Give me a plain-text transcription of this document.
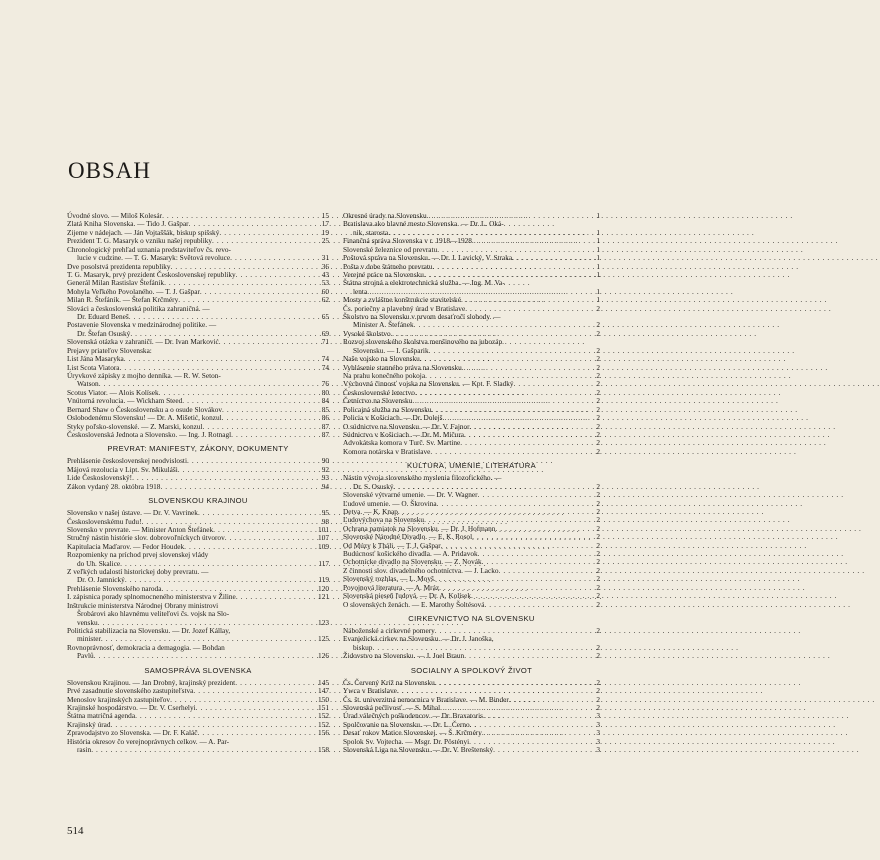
OBSAH
Úvodné slovo. — Miloš Kolesár . . .	15
Zlatá Kniha Slovenska. — Tido J. Gašpar . . .	17
Zijeme v nádejach. — Ján Vojtaššák, biskup spišský . . .	19
Prezident T. G. Masaryk o vzniku našej republiky . . .	25
Chronologický prehľad uznania predstaviteľov čs. revo-
lucie v cudzine. — T. G. Masaryk: Světová revoluce . . .	31
Dve posolstvá prezidenta republiky . . .	36
T. G. Masaryk, prvý prezident Československej republiky . . .	43
Generál Milan Rastislav Štefánik . . .	53
Mohyla Veľkého Povolaného. — T. J. Gašpar . . .	60
Milan R. Štefánik. — Štefan Krčméry . . .	62
Slováci a československá politika zahraničná. —
Dr. Eduard Beneš . . .	65
Postavenie Slovenska v medzinárodnej politike. —
Dr. Štefan Osuský . . .	69
Slovenská otázka v zahraničí. — Dr. Ivan Marković . . .	71
Prejavy priateľov Slovenska:
List Jána Masaryka . . .	74
List Scota Viatora . . .	74
Úryvkové zápisky z mojho denníka. — R. W. Seton-
Watson . . .	76
Scotus Viator. — Alois Kolísek . . .	80
Vnútorná revolucia. — Wickham Steed . . .	84
Bernard Shaw o Československu a o osude Slovákov . . .	85
Oslobodenému Slovensku! — Dr. A. Mišetić, konzul . . .	86
Styky poľsko-slovenské. — Z. Marski, konzul . . .	87
Československá Jednota a Slovensko. — Ing. J. Rotnagl . . .	87
PREVRAT: MANIFESTY, ZÁKONY, DOKUMENTY
Prehlásenie československej neodvislosti . . .	90
Májová rezolucia v Lipt. Sv. Mikuláši . . .	92
Lide Československý! . . .	93
Zákon vydaný 28. októbra 1918 . . .	94
SLOVENSKOU KRAJINOU
Slovensko v našej ústave. — Dr. V. Vavrinek . . .	95
Československému ľudu! . . .	98
Slovensko v prevrate. — Minister Anton Štefánek . . .	101
Stručný nástin histórie slov. dobrovoľníckych útvorov . . .	107
Kapitulacia Maďarov. — Fedor Houdek . . .	109
Rozpomienky na príchod prvej slovenskej vlády
do Uh. Skalice . . .	117
Z veľkých udalostí historickej doby prevratu. —
Dr. O. Jamnický . . .	119
Prehlásenie Slovenského naroda . . .	120
I. zápisnica porady splnomocneného ministerstva v Žiline . . .	121
Inštrukcie ministerstva Národnej Obrany ministrovi
Šrobárovi ako hlavnému veliteľovi čs. vojsk na Slo-
vensku . . .	123
Politická stabilizacia na Slovensku. — Dr. Jozef Kállay,
minister . . .	125
Rovnoprávnosť, demokracia a demagogia. — Bohdan
Pavlů . . .	126
SAMOSPRÁVA SLOVENSKA
Slovenskou Krajinou. — Jan Drobný, krajinský prezident . . .	145
Prvé zasadnutie slovenského zastupiteľstva . . .	147
Menoslov krajinských zastupiteľov . . .	150
Krajinské hospodárstvo. — Dr. V. Cserhelyi . . .	151
Štátna matričná agenda . . .	152
Krajinský úrad . . .	152
Zpravodajstvo zo Slovenska. — Dr. F. Kaláč . . .	156
História okresov čo verejnoprávnych celkov. — A. Par-
rasin . . .	158
Okresné úrady na Slovensku . . .	1
Bratislava ako hlavné mesto Slovenska. — Dr. L. Oká-
nik, starosta . . .	1
Finančná správa Slovenska v r. 1918—1928 . . .	1
Slovenské železnice od prevratu . . .	1
Poštová správa na Slovensku. — Dr. J. Lavický, V. Straka . . .	1
Pošta v dobe štátneho prevratu . . .	1
Verejné práce na Slovensku . . .	1
Štátna strojná a elektrotechnická služba. — Ing. M. Va-
lenta . . .	1
Mosty a zvláštne konštrukcie stavitelské . . .	1
Čs. porieĉny a plavebný úrad v Bratislave . . .	2
Školstvo na Slovensku v prvom desaťročí slobody. —
Minister A. Štefánek . . .	2
Vysoké školstvo . . .	2
Rozvoj slovenského školstva menšinového na juhozáp.
Slovensku. — I. Gašparik . . .	2
Naše vojsko na Slovensku . . .	2
Vyhlásenie stanného práva na Slovensku . . .	2
Na prahu konečného pokoja . . .	2
Výchovná činnosť vojska na Slovensku. — Kpt. F. Sladký . . .	2
Československé letectvo . . .	2
Četníctvo na Slovensku . . .	2
Policajná služba na Slovensku . . .	2
Policia v Košiciach. — Dr. Doleјš . . .	2
O súdnictve na Slovensku. — Dr. V. Fajnor . . .	2
Súdnictvo v Košiciach. — Dr. M. Mičura . . .	2
Advokátska komora v Turč. Sv. Martine . . .	2
Komora notárska v Bratislave . . .	2
KULTURA, UMENIE, LITERATURA
Nástin vývoja slovenského myslenia filozofického. —
Dr. S. Osuský . . .	2
Slovenské výtvarné umenie. — Dr. V. Wagner . . .	2
Ľudové umenie. — O. Škrovina . . .	2
Detva. — K. Knap . . .	2
Ľudovýchova na Slovensku . . .	2
Ochrana pamiatok na Slovensku. — Dr. J. Hofmann . . .	2
Slovenské Národné Divadlo. — E. K. Rosol . . .	2
Od Múzy k Tháli. — T. J. Gašpar . . .	2
Budúcnosť košického divadla. — A. Pridavok . . .	2
Ochotnícke divadlo na Slovensku. — Z. Novák . . .	2
Z činnosti slov. divadelného ochotníctva. — J. Lacko . . .	2
Slovenský rozhlas. — L. Moyš . . .	2
Povojnová literatura. — A. Mráz . . .	2
Slovenská pieseň ľudová. — Dr. A. Kolísek . . .	2
O slovenských ženách. — E. Marothy Šoltésová . . .	2
CIRKEVNICTVO NA SLOVENSKU
Náboženské a cirkevné pomery . . .	2
Evanjelická cirkev na Slovensku. — Dr. J. Janoška,
biskup . . .	2
Židovstvo na Slovensku. — J. Joel Braun . . .	2
SOCIALNY A SPOLKOVÝ ŽIVOT
Čs. Červený Kríž na Slovensku . . .	2
Ywca v Bratislave . . .	2
Čs. št. univerzitná nemocnica v Bratislave. — M. Binder . . .	2
Slovenská pečlivosť. — S. Mihal . . .	2
Úrad válečných poškodencov. — Dr. Braxatoris . . .	3
Spolčovanie na Slovensku. — Dr. L. Černo . . .	3
Desať rokov Matice Slovenskej. — Š. Krčméry . . .	3
Spolok Sv. Vojtecha. — Msgr. Dr. Pöstényi . . .	3
Slovenská Liga na Slovensku. — Dr. V. Breštenský . . .	3
514
